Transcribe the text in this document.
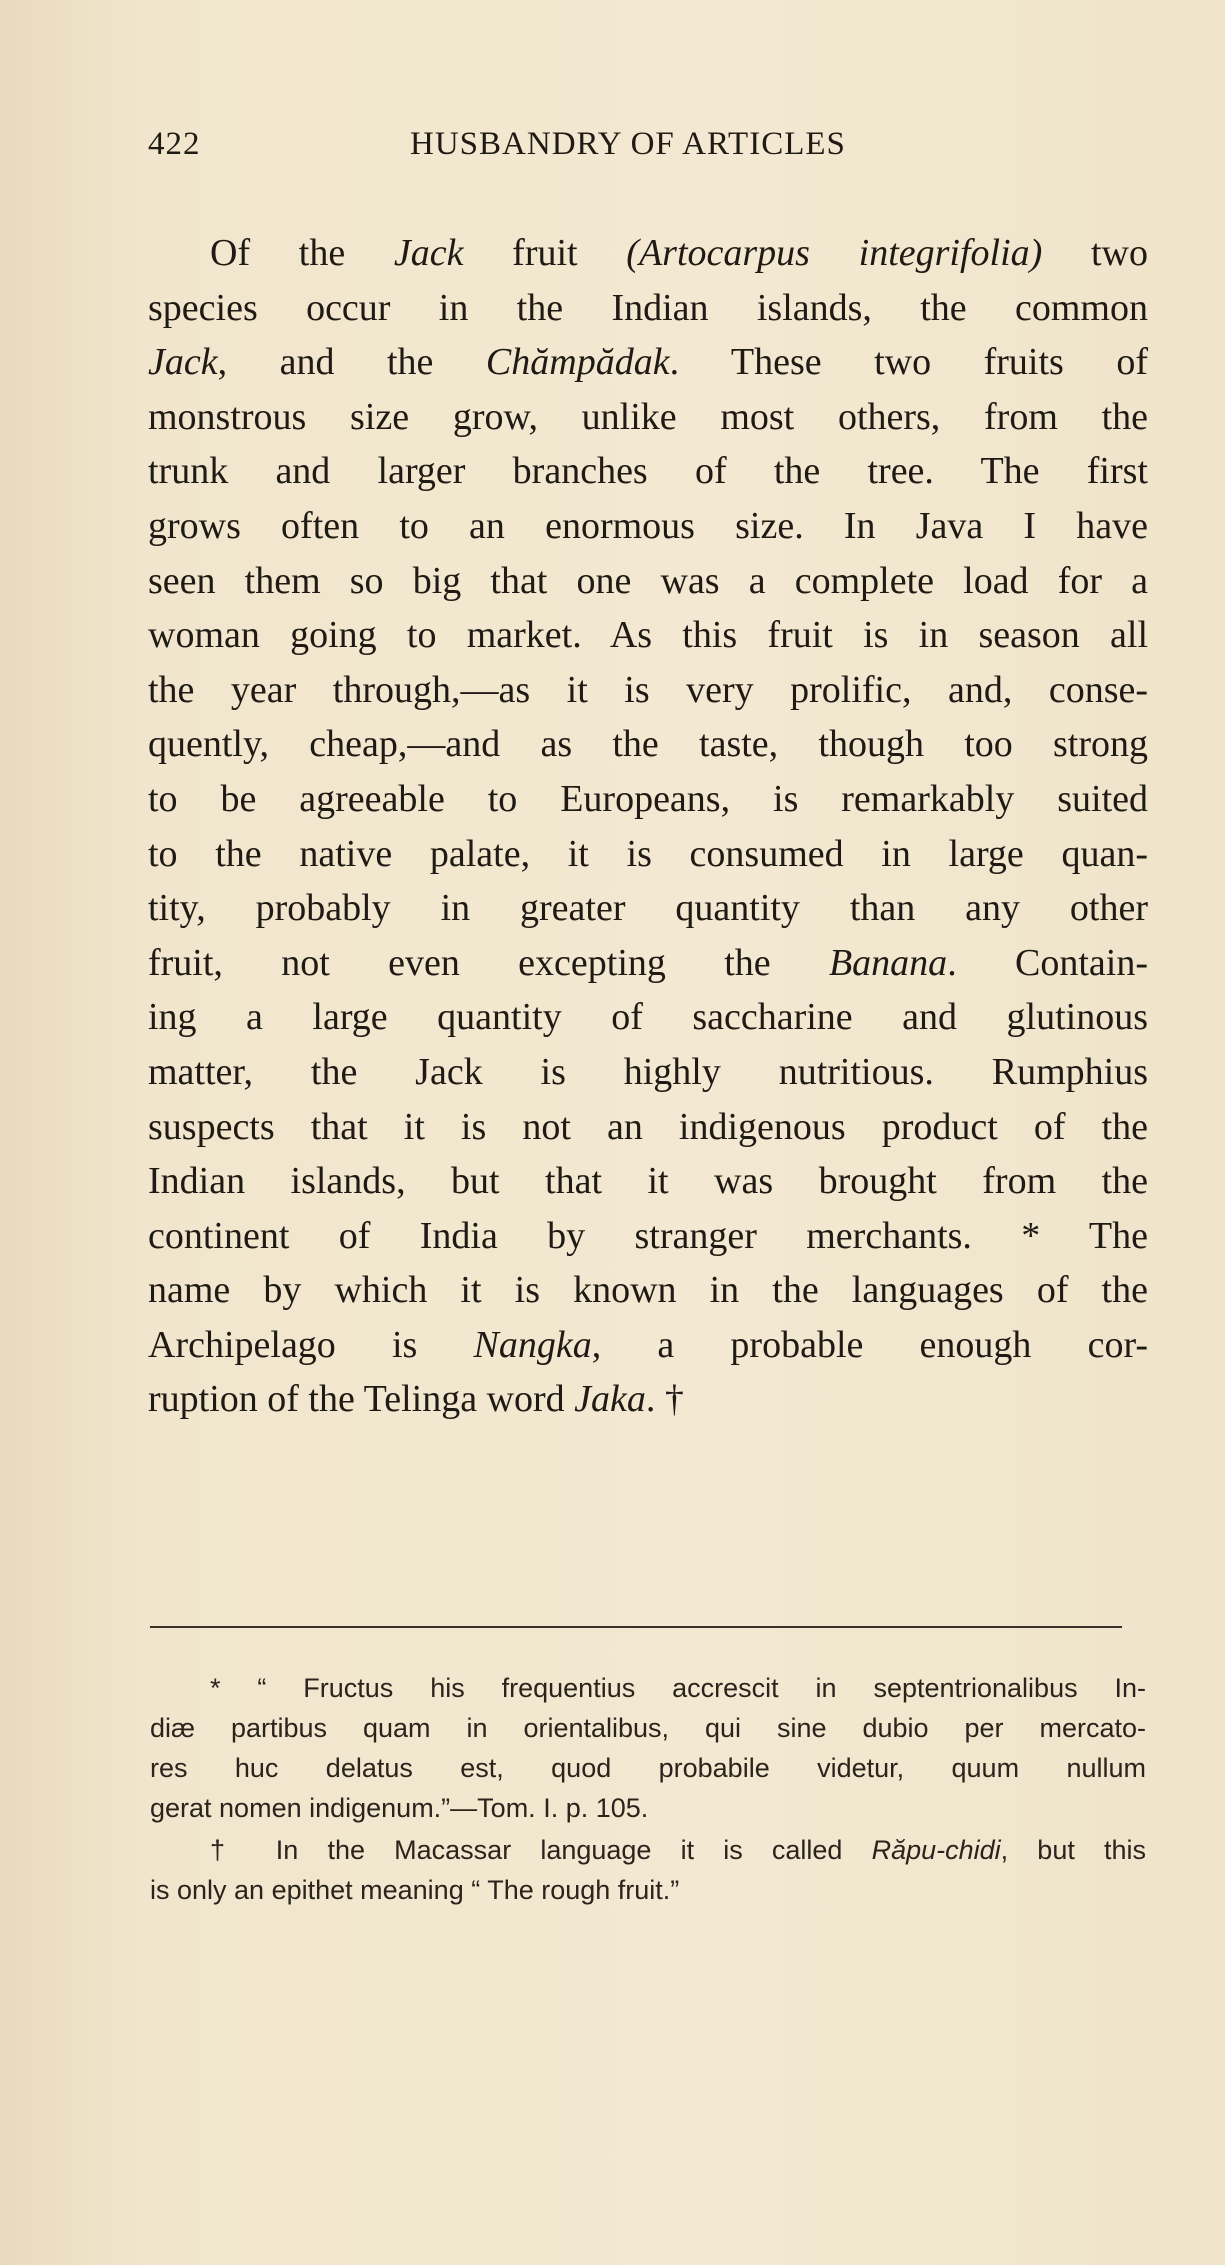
422	HUSBANDRY OF ARTICLES
Of the Jack fruit (Artocarpus integrifolia) two
species occur in the Indian islands, the common
Jack, and the Chămpădak. These two fruits of
monstrous size grow, unlike most others, from the
trunk and larger branches of the tree. The first
grows often to an enormous size. In Java I have
seen them so big that one was a complete load for a
woman going to market. As this fruit is in season all
the year through,—as it is very prolific, and, conse-
quently, cheap,—and as the taste, though too strong
to be agreeable to Europeans, is remarkably suited
to the native palate, it is consumed in large quan-
tity, probably in greater quantity than any other
fruit, not even excepting the Banana. Contain-
ing a large quantity of saccharine and glutinous
matter, the Jack is highly nutritious. Rumphius
suspects that it is not an indigenous product of the
Indian islands, but that it was brought from the
continent of India by stranger merchants. * The
name by which it is known in the languages of the
Archipelago is Nangka, a probable enough cor-
ruption of the Telinga word Jaka. †
* “ Fructus his frequentius accrescit in septentrionalibus In-
diæ partibus quam in orientalibus, qui sine dubio per mercato-
res huc delatus est, quod probabile videtur, quum nullum
gerat nomen indigenum.”—Tom. I. p. 105.
† In the Macassar language it is called Răpu-chidi, but this
is only an epithet meaning “ The rough fruit.”
